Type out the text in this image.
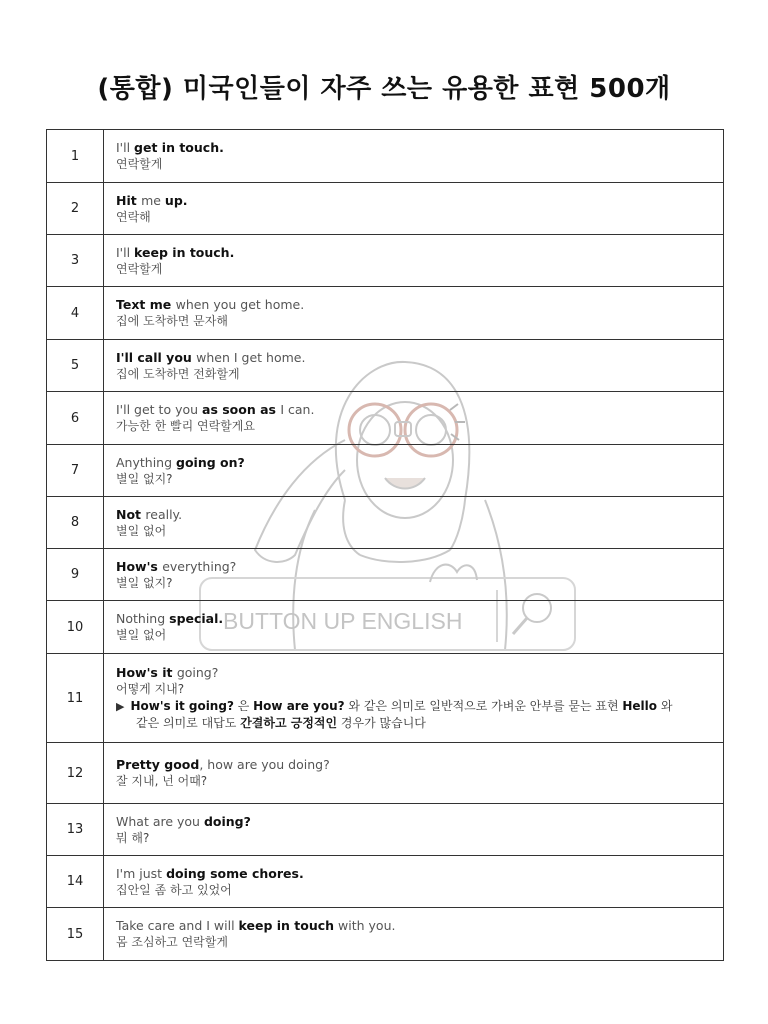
(통합) 미국인들이 자주 쓰는 유용한 표현 500개
BUTTON UP ENGLISH
1	I'll get in touch.
연락할게

2	Hit me up.
연락해

3	I'll keep in touch.
연락할게

4	Text me when you get home.
집에 도착하면 문자해

5	I'll call you when I get home.
집에 도착하면 전화할게

6	I'll get to you as soon as I can.
가능한 한 빨리 연락할게요

7	Anything going on?
별일 없지?

8	Not really.
별일 없어

9	How's everything?
별일 없지?

10	Nothing special.
별일 없어

11	How's it going?
어떻게 지내?
▶ How's it going? 은 How are you? 와 같은 의미로 일반적으로 가벼운 안부를 묻는 표현 Hello 와
같은 의미로 대답도 간결하고 긍정적인 경우가 많습니다

12	Pretty good, how are you doing?
잘 지내, 넌 어때?

13	What are you doing?
뭐 해?

14	I'm just doing some chores.
집안일 좀 하고 있었어

15	Take care and I will keep in touch with you.
몸 조심하고 연락할게
